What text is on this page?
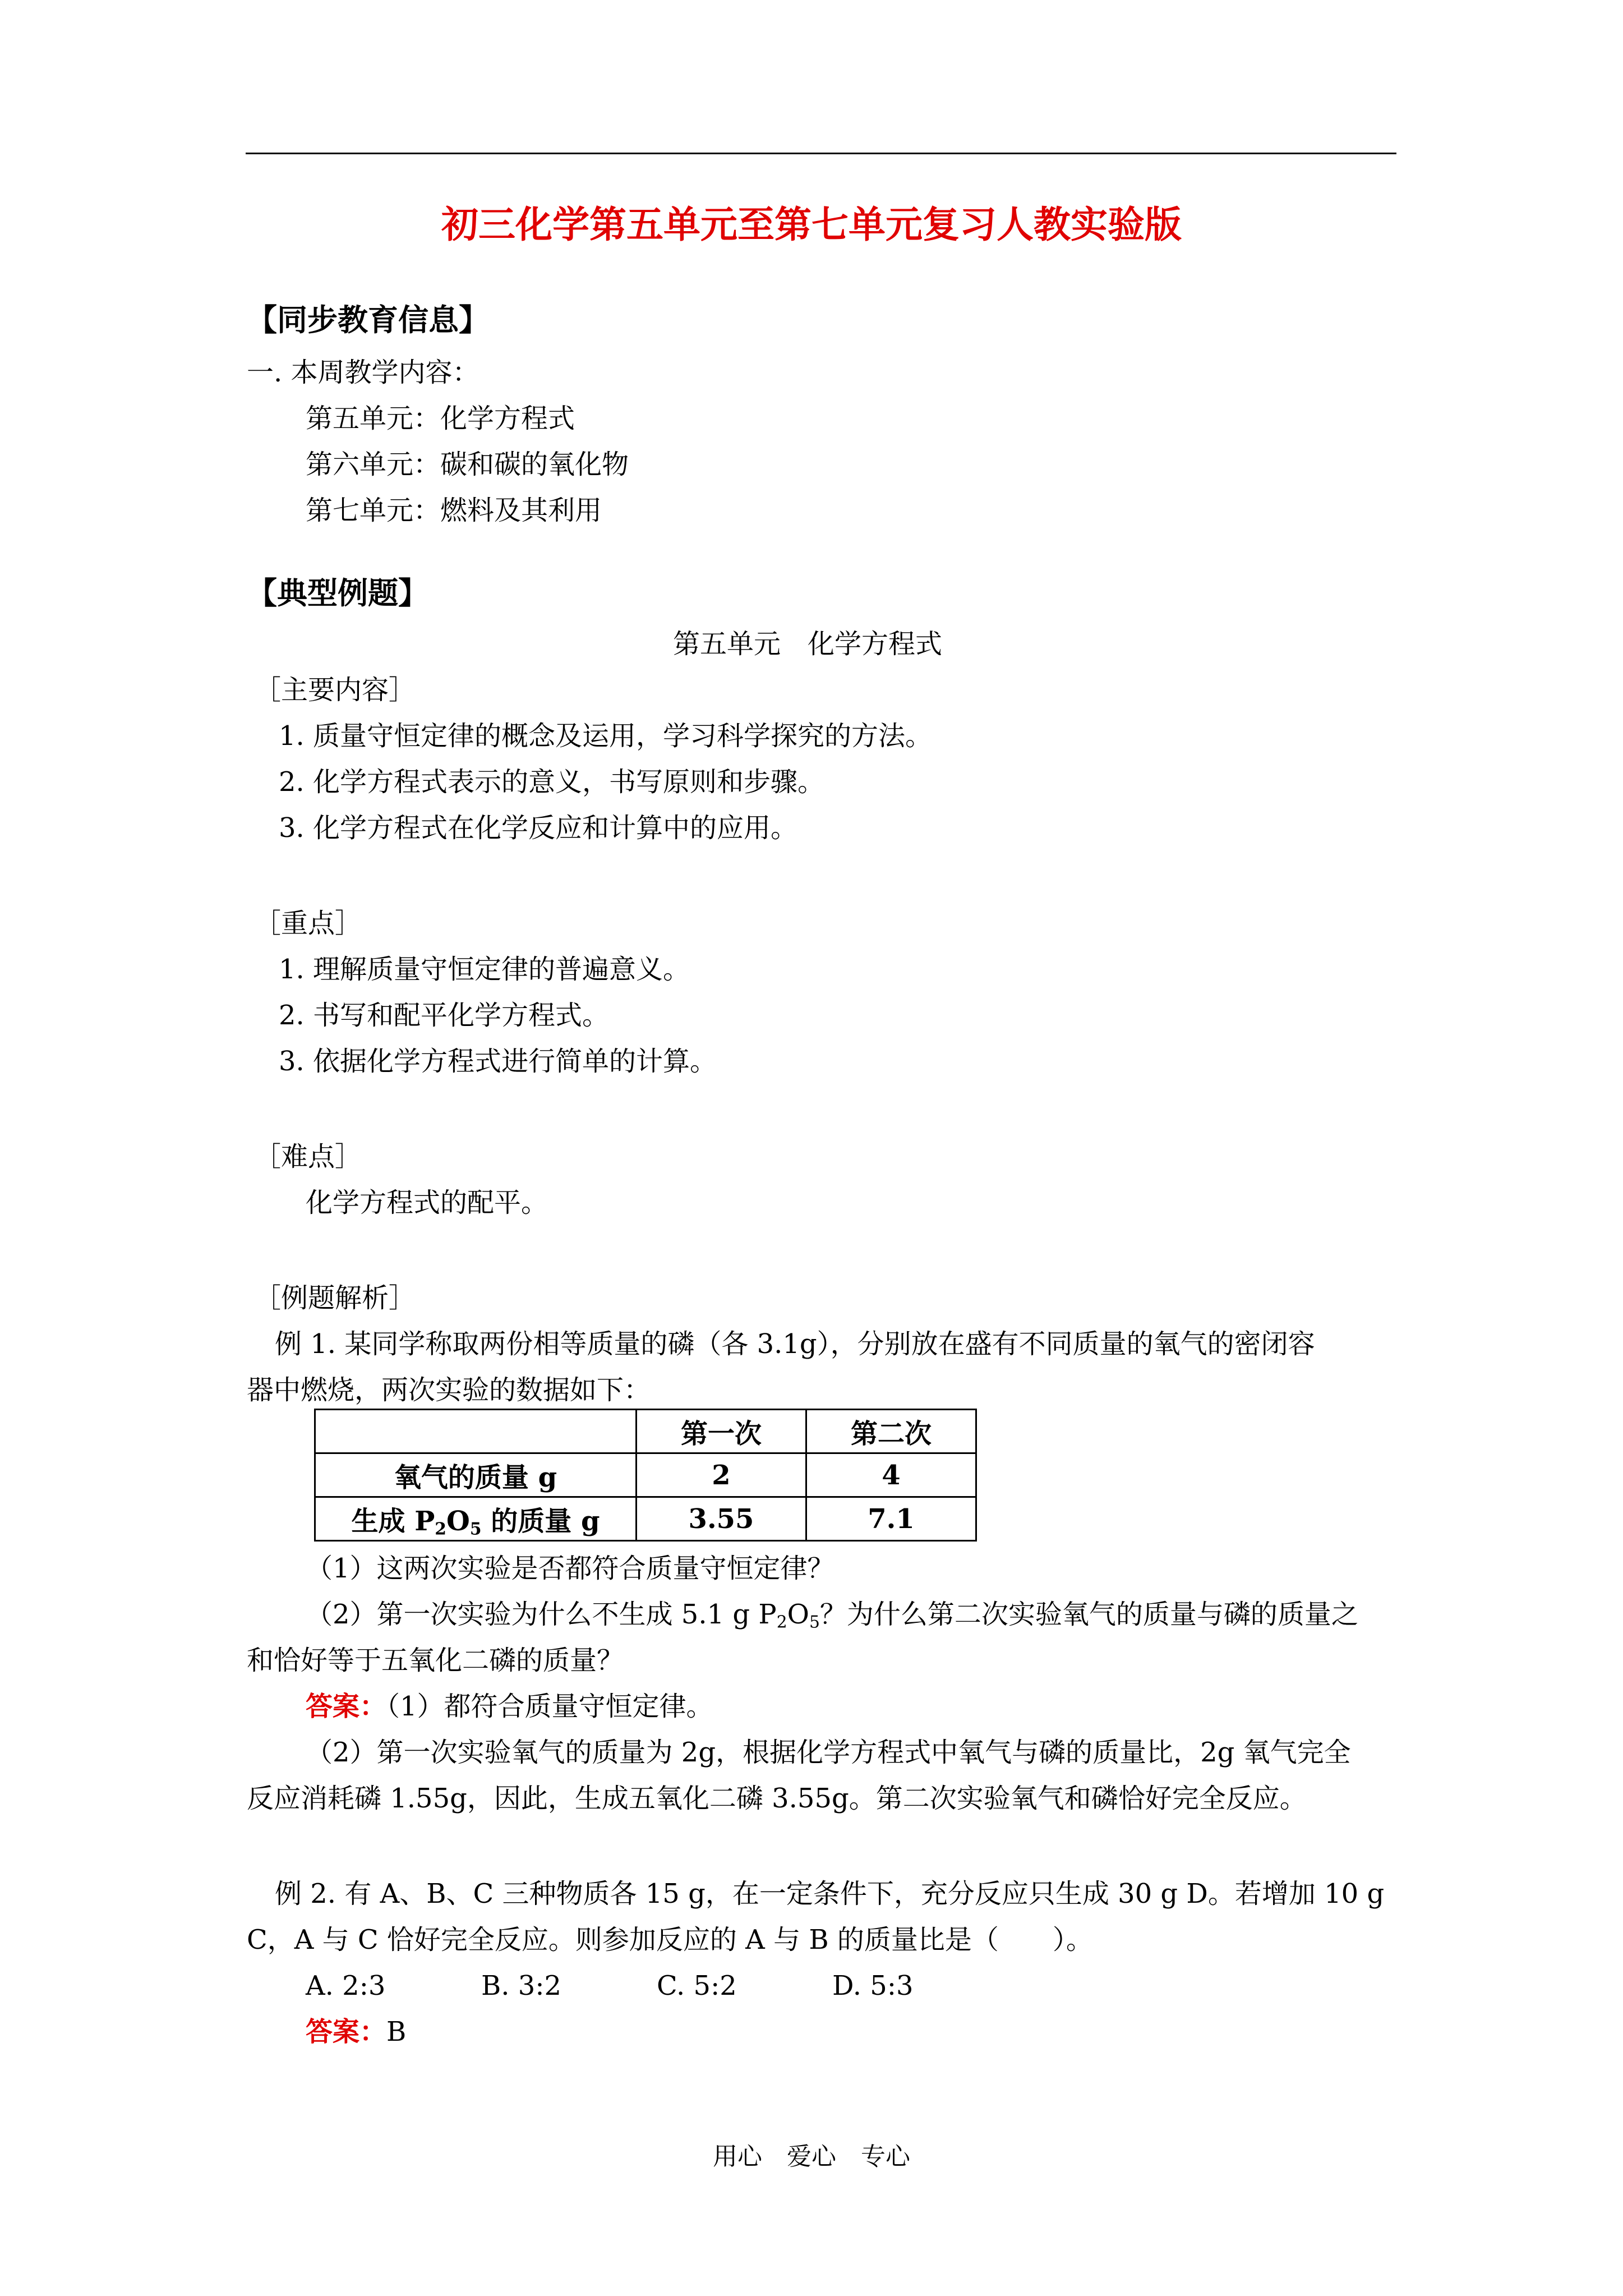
初三化学第五单元至第七单元复习人教实验版
【同步教育信息】
一. 本周教学内容：
第五单元：化学方程式
第六单元：碳和碳的氧化物
第七单元：燃料及其利用
【典型例题】
第五单元　化学方程式
［主要内容］
1. 质量守恒定律的概念及运用，学习科学探究的方法。
2. 化学方程式表示的意义，书写原则和步骤。
3. 化学方程式在化学反应和计算中的应用。
［重点］
1. 理解质量守恒定律的普遍意义。
2. 书写和配平化学方程式。
3. 依据化学方程式进行简单的计算。
［难点］
化学方程式的配平。
［例题解析］
例 1. 某同学称取两份相等质量的磷（各 3.1g），分别放在盛有不同质量的氧气的密闭容
器中燃烧，两次实验的数据如下：
	第一次	第二次
氧气的质量 g	2	4
生成 $P_2O_5$ 的质量 g	3.55	7.1
（1）这两次实验是否都符合质量守恒定律？
（2）第一次实验为什么不生成 5.1 g $P_2O_5$？为什么第二次实验氧气的质量与磷的质量之
和恰好等于五氧化二磷的质量？
答案：（1）都符合质量守恒定律。
（2）第一次实验氧气的质量为 2g，根据化学方程式中氧气与磷的质量比，2g 氧气完全
反应消耗磷 1.55g，因此，生成五氧化二磷 3.55g。第二次实验氧气和磷恰好完全反应。
例 2. 有 A、B、C 三种物质各 15 g，在一定条件下，充分反应只生成 30 g D。若增加 10 g
C，A 与 C 恰好完全反应。则参加反应的 A 与 B 的质量比是（　　）。
A. 2:3	B. 3:2	C. 5:2	D. 5:3
答案：B
用心　爱心　专心
